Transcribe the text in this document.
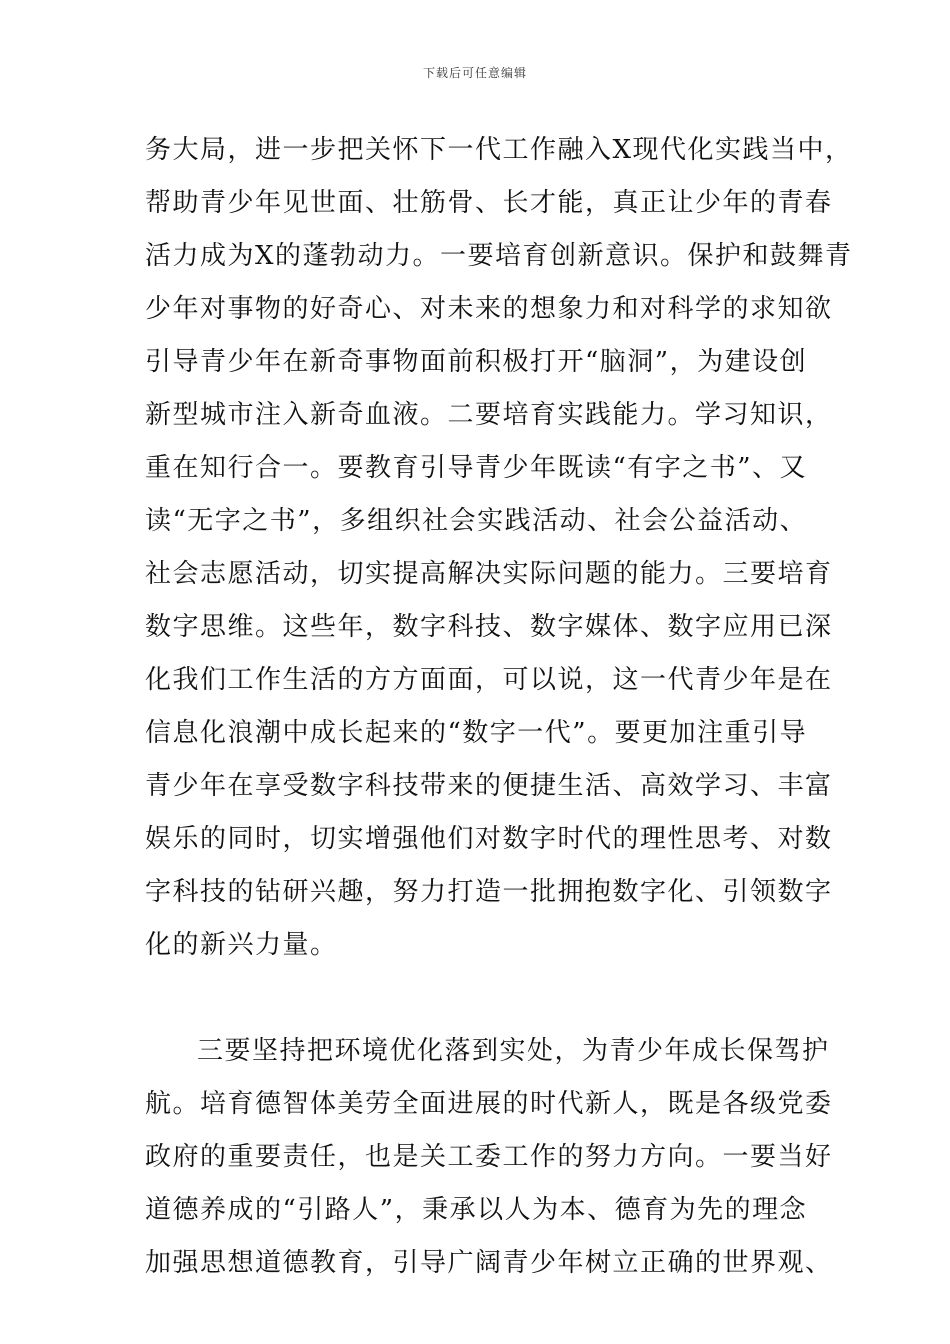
下载后可任意编辑
务大局，进一步把关怀下一代工作融入X现代化实践当中，
帮助青少年见世面、壮筋骨、长才能，真正让少年的青春
活力成为X的蓬勃动力。一要培育创新意识。保护和鼓舞青
少年对事物的好奇心、对未来的想象力和对科学的求知欲
引导青少年在新奇事物面前积极打开“脑洞”，为建设创
新型城市注入新奇血液。二要培育实践能力。学习知识，
重在知行合一。要教育引导青少年既读“有字之书”、又
读“无字之书”，多组织社会实践活动、社会公益活动、
社会志愿活动，切实提高解决实际问题的能力。三要培育
数字思维。这些年，数字科技、数字媒体、数字应用已深
化我们工作生活的方方面面，可以说，这一代青少年是在
信息化浪潮中成长起来的“数字一代”。要更加注重引导
青少年在享受数字科技带来的便捷生活、高效学习、丰富
娱乐的同时，切实增强他们对数字时代的理性思考、对数
字科技的钻研兴趣，努力打造一批拥抱数字化、引领数字
化的新兴力量。
三要坚持把环境优化落到实处，为青少年成长保驾护
航。培育德智体美劳全面进展的时代新人，既是各级党委
政府的重要责任，也是关工委工作的努力方向。一要当好
道德养成的“引路人”，秉承以人为本、德育为先的理念
加强思想道德教育，引导广阔青少年树立正确的世界观、
